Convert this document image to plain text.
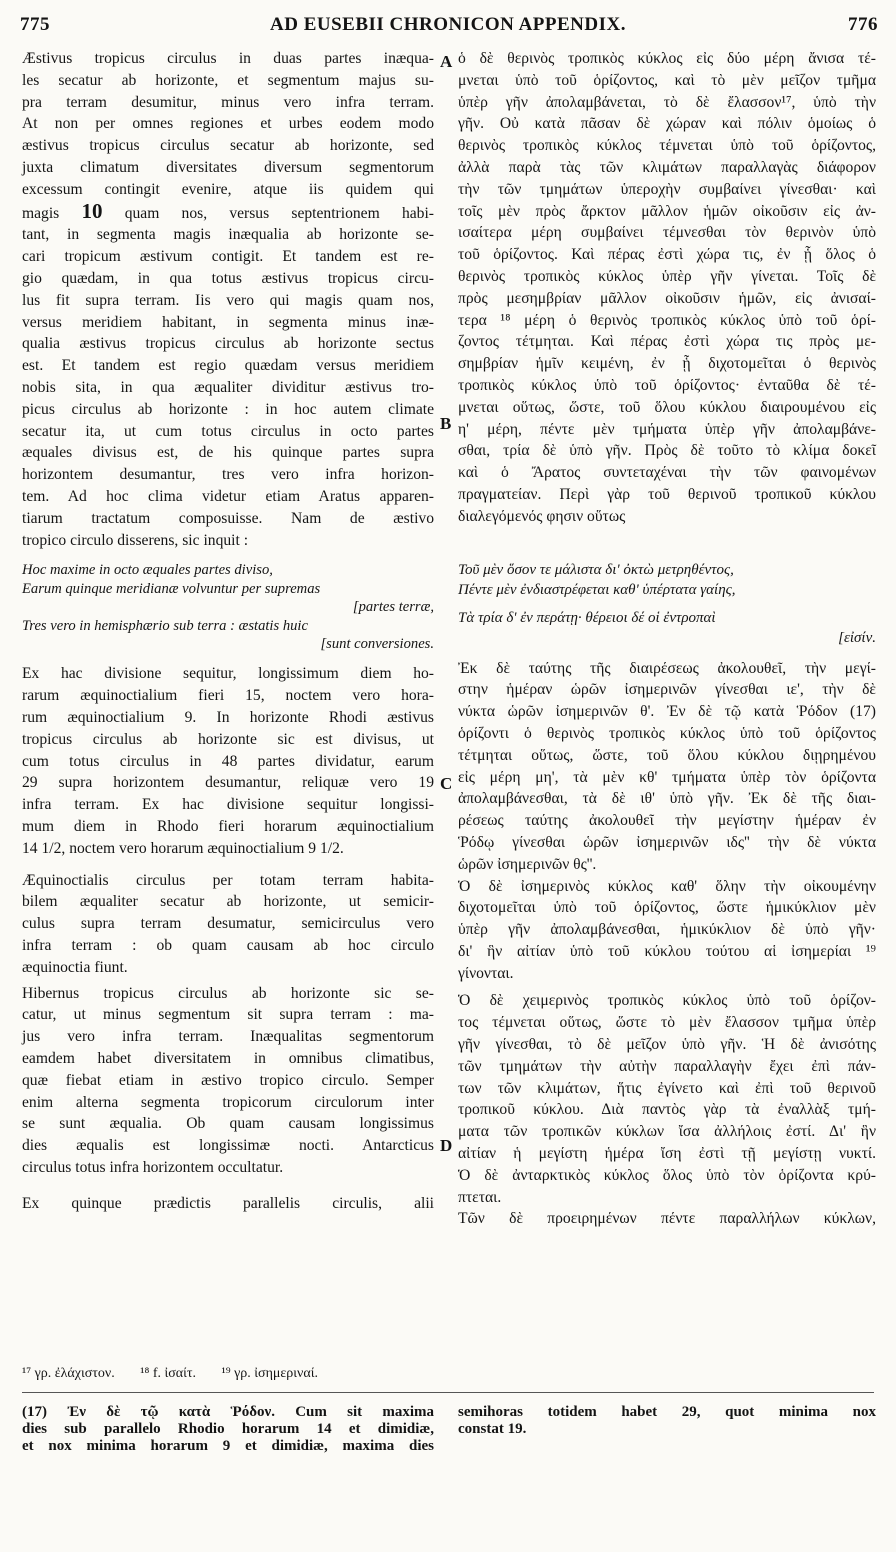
775	AD EUSEBII CHRONICON APPENDIX.	776
A
B
C
D

Æstivus tropicus circulus in duas partes inæqua-
les secatur ab horizonte, et segmentum majus su-
pra terram desumitur, minus vero infra terram.
At non per omnes regiones et urbes eodem modo
æstivus tropicus circulus secatur ab horizonte, sed
juxta climatum diversitates diversum segmentorum
excessum contingit evenire, atque iis quidem qui
magis 10 quam nos, versus septentrionem habi-
tant, in segmenta magis inæqualia ab horizonte se-
cari tropicum æstivum contigit. Et tandem est re-
gio quædam, in qua totus æstivus tropicus circu-
lus fit supra terram. Iis vero qui magis quam nos,
versus meridiem habitant, in segmenta minus inæ-
qualia æstivus tropicus circulus ab horizonte sectus
est. Et tandem est regio quædam versus meridiem
nobis sita, in qua æqualiter dividitur æstivus tro-
picus circulus ab horizonte : in hoc autem climate
secatur ita, ut cum totus circulus in octo partes
æquales divisus est, de his quinque partes supra
horizontem desumantur, tres vero infra horizon-
tem. Ad hoc clima videtur etiam Aratus apparen-
tiarum tractatum composuisse. Nam de æstivo
tropico circulo disserens, sic inquit :

Hoc maxime in octo æquales partes diviso,
Earum quinque meridianæ volvuntur per supremas
[partes terræ,
Tres vero in hemisphærio sub terra : æstatis huic
[sunt conversiones.

Ex hac divisione sequitur, longissimum diem ho-
rarum æquinoctialium fieri 15, noctem vero hora-
rum æquinoctialium 9. In horizonte Rhodi æstivus
tropicus circulus ab horizonte sic est divisus, ut
cum totus circulus in 48 partes dividatur, earum
29 supra horizontem desumantur, reliquæ vero 19
infra terram. Ex hac divisione sequitur longissi-
mum diem in Rhodo fieri horarum æquinoctialium
14 1/2, noctem vero horarum æquinoctialium 9 1/2.

Æquinoctialis circulus per totam terram habita-
bilem æqualiter secatur ab horizonte, ut semicir-
culus supra terram desumatur, semicirculus vero
infra terram : ob quam causam ab hoc circulo
æquinoctia fiunt.

Hibernus tropicus circulus ab horizonte sic se-
catur, ut minus segmentum sit supra terram : ma-
jus vero infra terram. Inæqualitas segmentorum
eamdem habet diversitatem in omnibus climatibus,
quæ fiebat etiam in æstivo tropico circulo. Semper
enim alterna segmenta tropicorum circulorum inter
se sunt æqualia. Ob quam causam longissimus
dies æqualis est longissimæ nocti. Antarcticus
circulus totus infra horizontem occultatur.

Ex quinque prædictis parallelis circulis, alii

ὁ δὲ θερινὸς τροπικὸς κύκλος εἰς δύο μέρη ἄνισα τέ-
μνεται ὑπὸ τοῦ ὁρίζοντος, καὶ τὸ μὲν μεῖζον τμῆμα
ὑπὲρ γῆν ἀπολαμβάνεται, τὸ δὲ ἔλασσον¹⁷, ὑπὸ τὴν
γῆν. Οὐ κατὰ πᾶσαν δὲ χώραν καὶ πόλιν ὁμοίως ὁ
θερινὸς τροπικὸς κύκλος τέμνεται ὑπὸ τοῦ ὁρίζοντος,
ἀλλὰ παρὰ τὰς τῶν κλιμάτων παραλλαγὰς διάφορον
τὴν τῶν τμημάτων ὑπεροχὴν συμβαίνει γίνεσθαι· καὶ
τοῖς μὲν πρὸς ἄρκτον μᾶλλον ἡμῶν οἰκοῦσιν εἰς ἀν-
ισαίτερα μέρη συμβαίνει τέμνεσθαι τὸν θερινὸν ὑπὸ
τοῦ ὁρίζοντος. Καὶ πέρας ἐστὶ χώρα τις, ἐν ᾗ ὅλος ὁ
θερινὸς τροπικὸς κύκλος ὑπὲρ γῆν γίνεται. Τοῖς δὲ
πρὸς μεσημβρίαν μᾶλλον οἰκοῦσιν ἡμῶν, εἰς ἀνισαί-
τερα ¹⁸ μέρη ὁ θερινὸς τροπικὸς κύκλος ὑπὸ τοῦ ὁρί-
ζοντος τέτμηται. Καὶ πέρας ἐστὶ χώρα τις πρὸς με-
σημβρίαν ἡμῖν κειμένη, ἐν ᾗ διχοτομεῖται ὁ θερινὸς
τροπικὸς κύκλος ὑπὸ τοῦ ὁρίζοντος· ἐνταῦθα δὲ τέ-
μνεται οὕτως, ὥστε, τοῦ ὅλου κύκλου διαιρουμένου εἰς
η' μέρη, πέντε μὲν τμήματα ὑπὲρ γῆν ἀπολαμβάνε-
σθαι, τρία δὲ ὑπὸ γῆν. Πρὸς δὲ τοῦτο τὸ κλίμα δοκεῖ
καὶ ὁ Ἄρατος συντεταχέναι τὴν τῶν φαινομένων
πραγματείαν. Περὶ γὰρ τοῦ θερινοῦ τροπικοῦ κύκλου
διαλεγόμενός φησιν οὕτως

Τοῦ μὲν ὅσον τε μάλιστα δι' ὀκτὼ μετρηθέντος,
Πέντε μὲν ἐνδιαστρέφεται καθ' ὑπέρτατα γαίης,
Τὰ τρία δ' ἐν περάτῃ· θέρειοι δέ οἱ ἐντροπαὶ
[εἰσίν.

Ἐκ δὲ ταύτης τῆς διαιρέσεως ἀκολουθεῖ, τὴν μεγί-
στην ἡμέραν ὡρῶν ἰσημερινῶν γίνεσθαι ιε', τὴν δὲ
νύκτα ὡρῶν ἰσημερινῶν θ'. Ἐν δὲ τῷ κατὰ Ῥόδον (17)
ὁρίζοντι ὁ θερινὸς τροπικὸς κύκλος ὑπὸ τοῦ ὁρίζοντος
τέτμηται οὕτως, ὥστε, τοῦ ὅλου κύκλου διῃρημένου
εἰς μέρη μη', τὰ μὲν κθ' τμήματα ὑπὲρ τὸν ὁρίζοντα
ἀπολαμβάνεσθαι, τὰ δὲ ιθ' ὑπὸ γῆν. Ἐκ δὲ τῆς διαι-
ρέσεως ταύτης ἀκολουθεῖ τὴν μεγίστην ἡμέραν ἐν
Ῥόδῳ γίνεσθαι ὡρῶν ἰσημερινῶν ιδς'' τὴν δὲ νύκτα
ὡρῶν ἰσημερινῶν θς''.

Ὁ δὲ ἰσημερινὸς κύκλος καθ' ὅλην τὴν οἰκουμένην
διχοτομεῖται ὑπὸ τοῦ ὁρίζοντος, ὥστε ἡμικύκλιον μὲν
ὑπὲρ γῆν ἀπολαμβάνεσθαι, ἡμικύκλιον δὲ ὑπὸ γῆν·
δι' ἣν αἰτίαν ὑπὸ τοῦ κύκλου τούτου αἱ ἰσημερίαι ¹⁹
γίνονται.

Ὁ δὲ χειμερινὸς τροπικὸς κύκλος ὑπὸ τοῦ ὁρίζον-
τος τέμνεται οὕτως, ὥστε τὸ μὲν ἔλασσον τμῆμα ὑπὲρ
γῆν γίνεσθαι, τὸ δὲ μεῖζον ὑπὸ γῆν. Ἡ δὲ ἀνισότης
τῶν τμημάτων τὴν αὐτὴν παραλλαγὴν ἔχει ἐπὶ πάν-
των τῶν κλιμάτων, ἥτις ἐγίνετο καὶ ἐπὶ τοῦ θερινοῦ
τροπικοῦ κύκλου. Διὰ παντὸς γὰρ τὰ ἐναλλὰξ τμή-
ματα τῶν τροπικῶν κύκλων ἴσα ἀλλήλοις ἐστί. Δι' ἣν
αἰτίαν ἡ μεγίστη ἡμέρα ἴση ἐστὶ τῇ μεγίστῃ νυκτί.
Ὁ δὲ ἀνταρκτικὸς κύκλος ὅλος ὑπὸ τὸν ὁρίζοντα κρύ-
πτεται.

Τῶν δὲ προειρημένων πέντε παραλλήλων κύκλων,

¹⁷ γρ. ἐλάχιστον. ¹⁸ f. ἰσαίτ. ¹⁹ γρ. ἰσημεριναί.
(17) Ἐν δὲ τῷ κατὰ Ῥόδον. Cum sit maxima
dies sub parallelo Rhodio horarum 14 et dimidiæ,
et nox minima horarum 9 et dimidiæ, maxima dies
semihoras totidem habet 29, quot minima nox
constat 19.
